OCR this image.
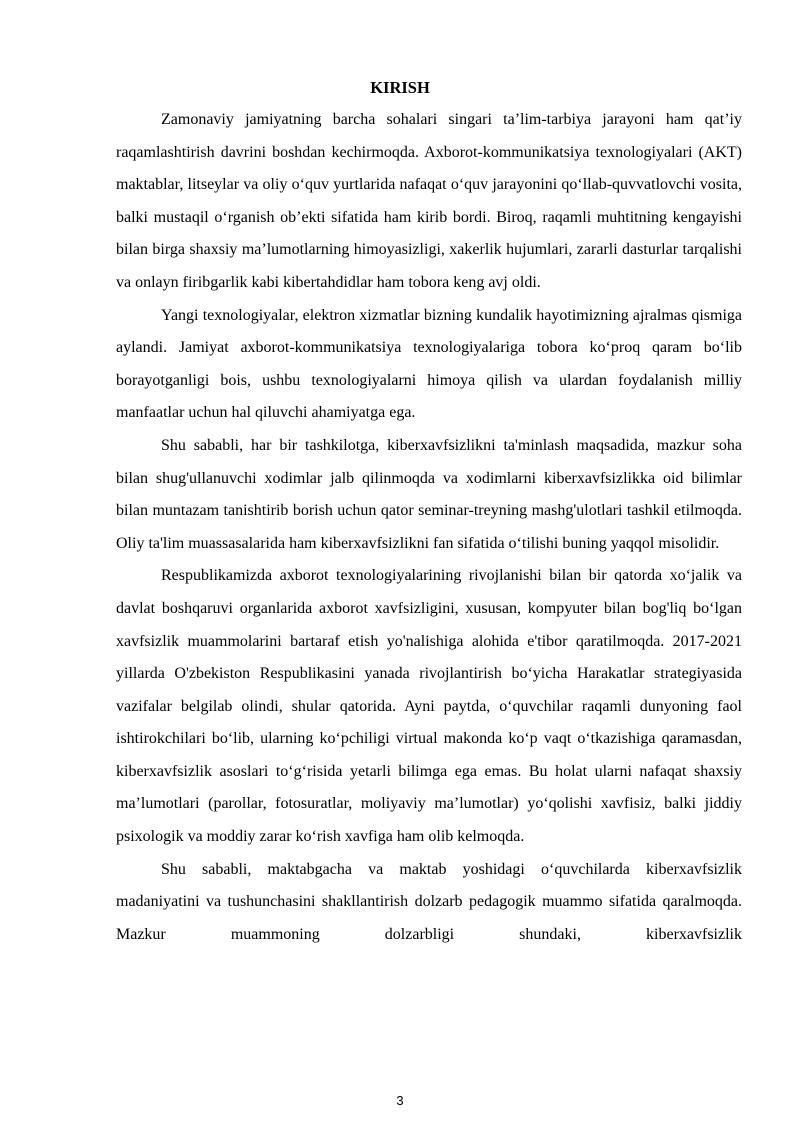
KIRISH

Zamonaviy jamiyatning barcha sohalari singari ta’lim-tarbiya jarayoni ham qat’iy raqamlashtirish davrini boshdan kechirmoqda. Axborot-kommunikatsiya texnologiyalari (AKT) maktablar, litseylar va oliy o‘quv yurtlarida nafaqat o‘quv jarayonini qo‘llab-quvvatlovchi vosita, balki mustaqil o‘rganish ob’ekti sifatida ham kirib bordi. Biroq, raqamli muhtitning kengayishi bilan birga shaxsiy ma’lumotlarning himoyasizligi, xakerlik hujumlari, zararli dasturlar tarqalishi va onlayn firibgarlik kabi kibertahdidlar ham tobora keng avj oldi.

Yangi texnologiyalar, elektron xizmatlar bizning kundalik hayotimizning ajralmas qismiga aylandi. Jamiyat axborot-kommunikatsiya texnologiyalariga tobora ko‘proq qaram bo‘lib borayotganligi bois, ushbu texnologiyalarni himoya qilish va ulardan foydalanish milliy manfaatlar uchun hal qiluvchi ahamiyatga ega.

Shu sababli, har bir tashkilotga, kiberxavfsizlikni ta'minlash maqsadida, mazkur soha bilan shug'ullanuvchi xodimlar jalb qilinmoqda va xodimlarni kiberxavfsizlikka oid bilimlar bilan muntazam tanishtirib borish uchun qator seminar-treyning mashg'ulotlari tashkil etilmoqda. Oliy ta'lim muassasalarida ham kiberxavfsizlikni fan sifatida o‘tilishi buning yaqqol misolidir.

Respublikamizda axborot texnologiyalarining rivojlanishi bilan bir qatorda xo‘jalik va davlat boshqaruvi organlarida axborot xavfsizligini, xususan, kompyuter bilan bog'liq bo‘lgan xavfsizlik muammolarini bartaraf etish yo'nalishiga alohida e'tibor qaratilmoqda. 2017-2021 yillarda O'zbekiston Respublikasini yanada rivojlantirish bo‘yicha Harakatlar strategiyasida vazifalar belgilab olindi, shular qatorida. Ayni paytda, o‘quvchilar raqamli dunyoning faol ishtirokchilari bo‘lib, ularning ko‘pchiligi virtual makonda ko‘p vaqt o‘tkazishiga qaramasdan, kiberxavfsizlik asoslari to‘g‘risida yetarli bilimga ega emas. Bu holat ularni nafaqat shaxsiy ma’lumotlari (parollar, fotosuratlar, moliyaviy ma’lumotlar) yo‘qolishi xavfisiz, balki jiddiy psixologik va moddiy zarar ko‘rish xavfiga ham olib kelmoqda.

Shu sababli, maktabgacha va maktab yoshidagi o‘quvchilarda kiberxavfsizlik madaniyatini va tushunchasini shakllantirish dolzarb pedagogik muammo sifatida qaralmoqda. Mazkur muammoning dolzarbligi shundaki, kiberxavfsizlik

3
